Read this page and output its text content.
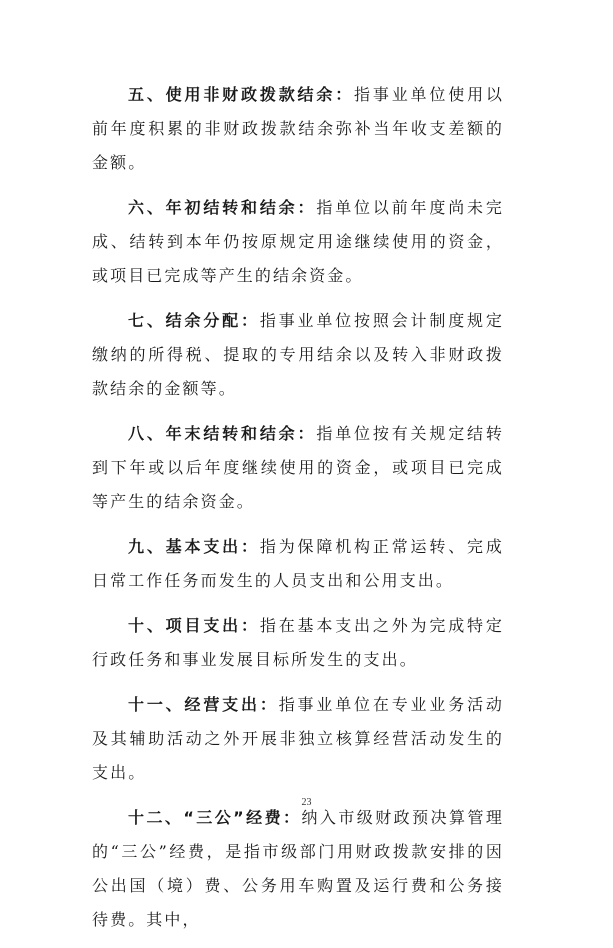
五、使用非财政拨款结余：指事业单位使用以前年度积累的非财政拨款结余弥补当年收支差额的金额。

六、年初结转和结余：指单位以前年度尚未完成、结转到本年仍按原规定用途继续使用的资金，或项目已完成等产生的结余资金。

七、结余分配：指事业单位按照会计制度规定缴纳的所得税、提取的专用结余以及转入非财政拨款结余的金额等。

八、年末结转和结余：指单位按有关规定结转到下年或以后年度继续使用的资金，或项目已完成等产生的结余资金。

九、基本支出：指为保障机构正常运转、完成日常工作任务而发生的人员支出和公用支出。

十、项目支出：指在基本支出之外为完成特定行政任务和事业发展目标所发生的支出。

十一、经营支出：指事业单位在专业业务活动及其辅助活动之外开展非独立核算经营活动发生的支出。

十二、“三公”经费：纳入市级财政预决算管理的“三公”经费，是指市级部门用财政拨款安排的因公出国（境）费、公务用车购置及运行费和公务接待费。其中，

23
